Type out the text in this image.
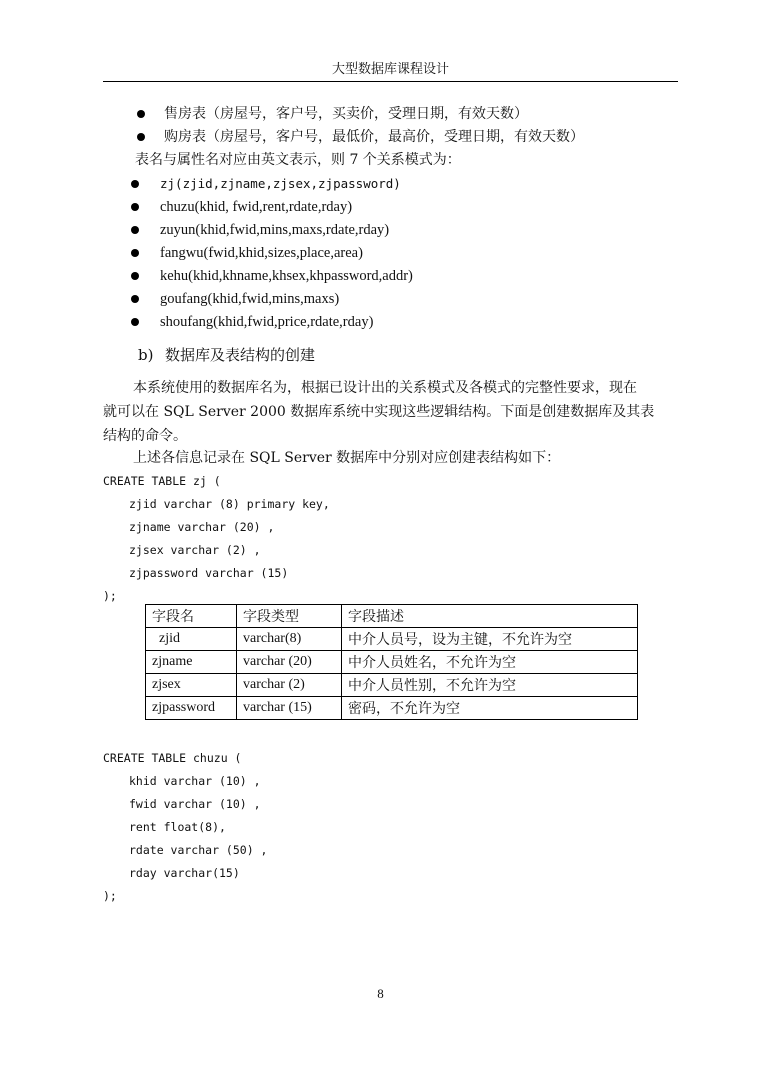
大型数据库课程设计
售房表（房屋号，客户号，买卖价，受理日期，有效天数）
购房表（房屋号，客户号，最低价，最高价，受理日期，有效天数）
表名与属性名对应由英文表示，则 7 个关系模式为：
zj(zjid,zjname,zjsex,zjpassword)
chuzu(khid, fwid,rent,rdate,rday)
zuyun(khid,fwid,mins,maxs,rdate,rday)
fangwu(fwid,khid,sizes,place,area)
kehu(khid,khname,khsex,khpassword,addr)
goufang(khid,fwid,mins,maxs)
shoufang(khid,fwid,price,rdate,rday)
b) 数据库及表结构的创建
本系统使用的数据库名为，根据已设计出的关系模式及各模式的完整性要求，现在
就可以在 SQL Server 2000 数据库系统中实现这些逻辑结构。下面是创建数据库及其表
结构的命令。
上述各信息记录在 SQL Server 数据库中分别对应创建表结构如下：
CREATE TABLE zj (
zjid varchar (8) primary key,
zjname varchar (20) ,
zjsex varchar (2) ,
zjpassword varchar (15)
);
字段名	字段类型	字段描述
zjid	varchar(8)	中介人员号，设为主键，不允许为空
zjname	varchar (20)	中介人员姓名，不允许为空
zjsex	varchar (2)	中介人员性别，不允许为空
zjpassword	varchar (15)	密码，不允许为空
CREATE TABLE chuzu (
khid varchar (10) ,
fwid varchar (10) ,
rent float(8),
rdate varchar (50) ,
rday varchar(15)
);
8
